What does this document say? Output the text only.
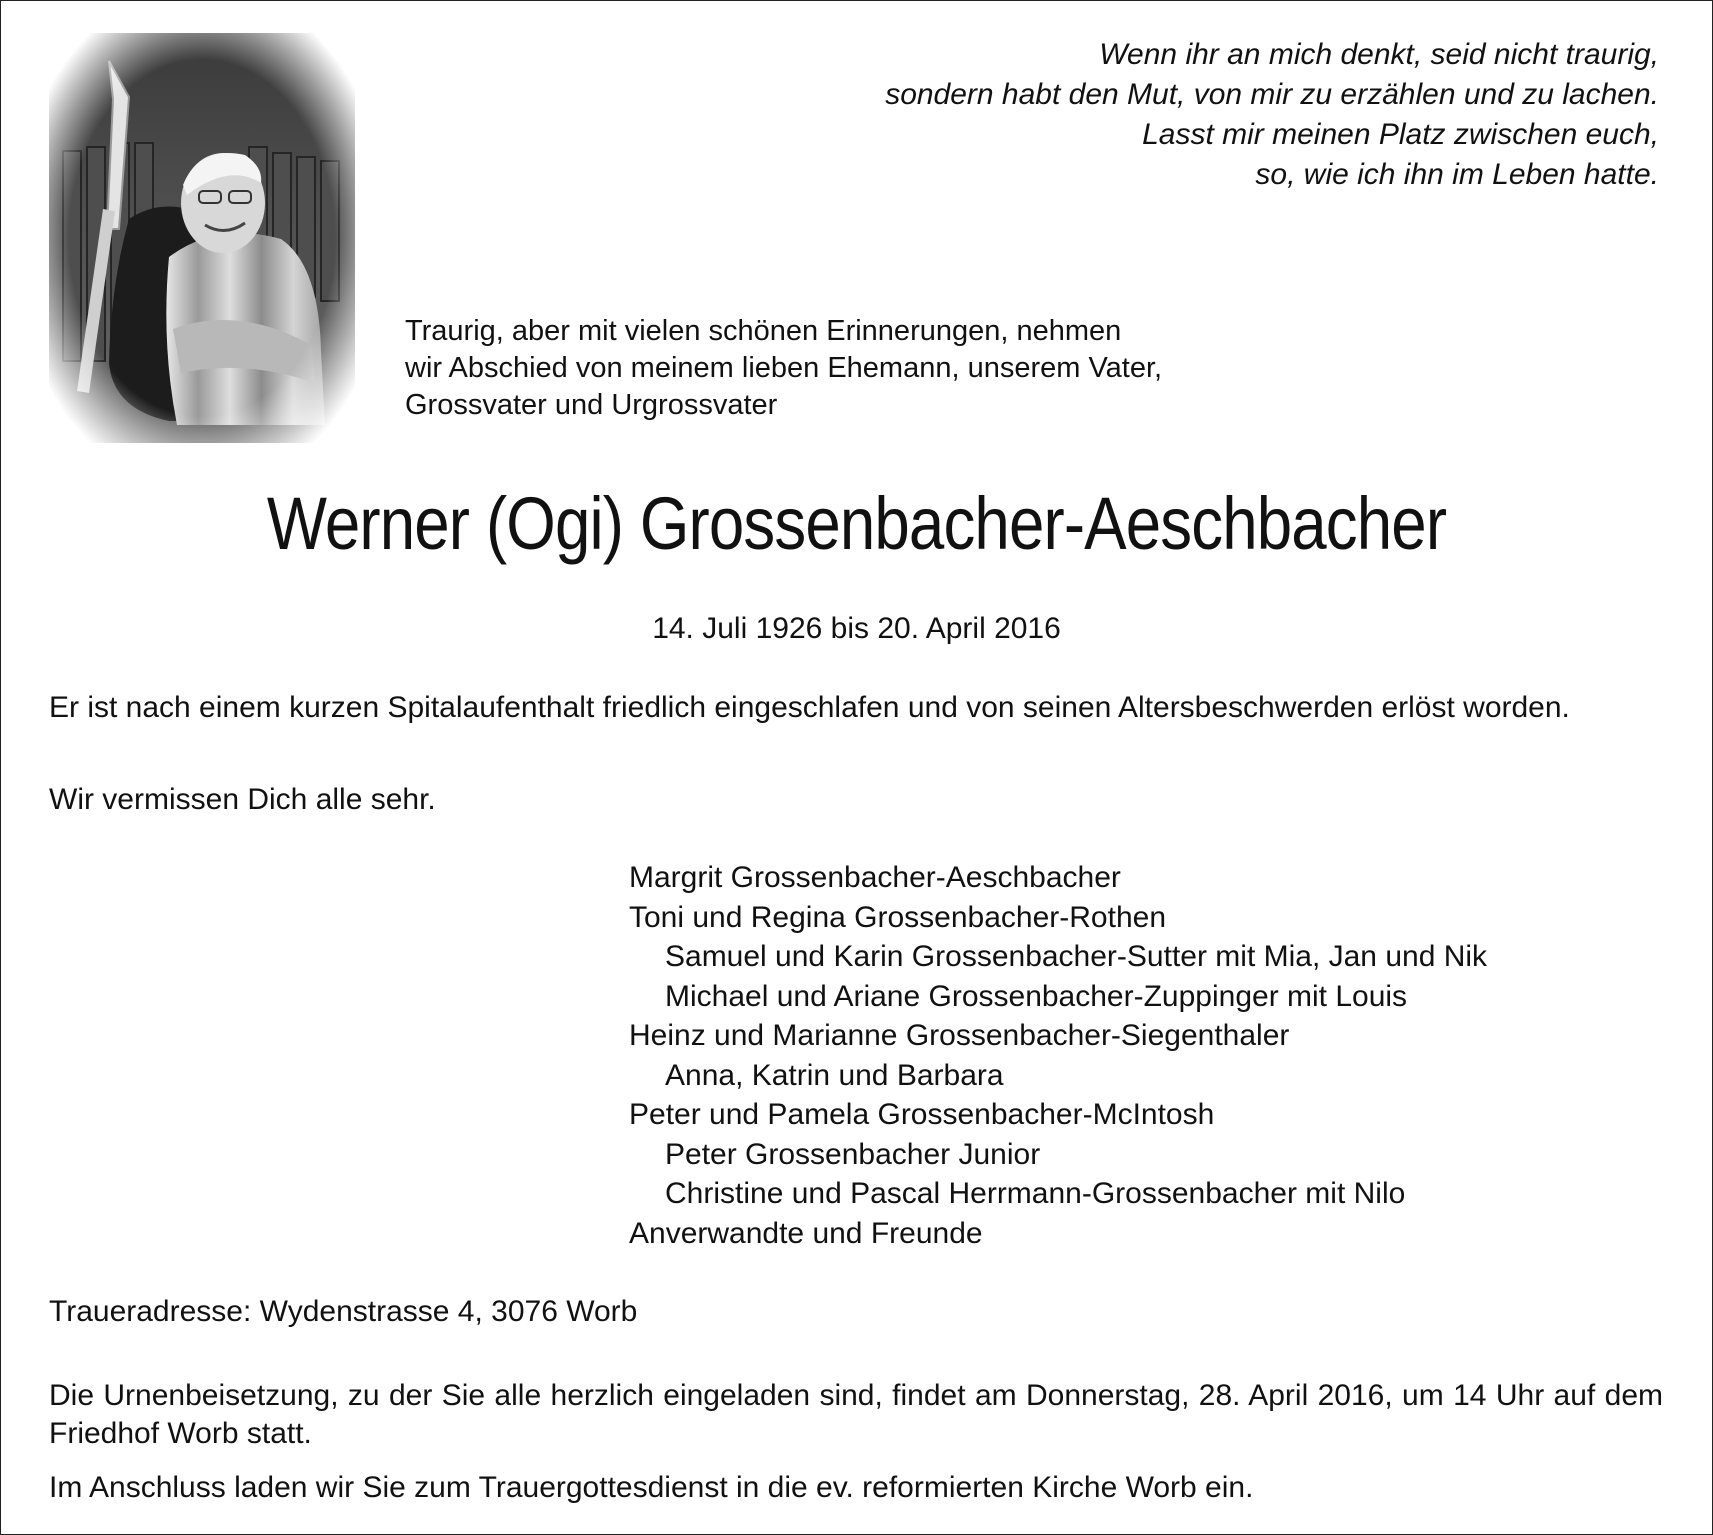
Wenn ihr an mich denkt, seid nicht traurig,
sondern habt den Mut, von mir zu erzählen und zu lachen.
Lasst mir meinen Platz zwischen euch,
so, wie ich ihn im Leben hatte.
Traurig, aber mit vielen schönen Erinnerungen, nehmen
wir Abschied von meinem lieben Ehemann, unserem Vater,
Grossvater und Urgrossvater
Werner (Ogi) Grossenbacher-Aeschbacher
14. Juli 1926 bis 20. April 2016
Er ist nach einem kurzen Spitalaufenthalt friedlich eingeschlafen und von seinen Altersbeschwerden erlöst worden.
Wir vermissen Dich alle sehr.
Margrit Grossenbacher-Aeschbacher
Toni und Regina Grossenbacher-Rothen
Samuel und Karin Grossenbacher-Sutter mit Mia, Jan und Nik
Michael und Ariane Grossenbacher-Zuppinger mit Louis
Heinz und Marianne Grossenbacher-Siegenthaler
Anna, Katrin und Barbara
Peter und Pamela Grossenbacher-McIntosh
Peter Grossenbacher Junior
Christine und Pascal Herrmann-Grossenbacher mit Nilo
Anverwandte und Freunde
Traueradresse: Wydenstrasse 4, 3076 Worb
Die Urnenbeisetzung, zu der Sie alle herzlich eingeladen sind, findet am Donnerstag, 28. April 2016, um 14 Uhr auf dem Friedhof Worb statt.
Im Anschluss laden wir Sie zum Trauergottesdienst in die ev. reformierten Kirche Worb ein.
